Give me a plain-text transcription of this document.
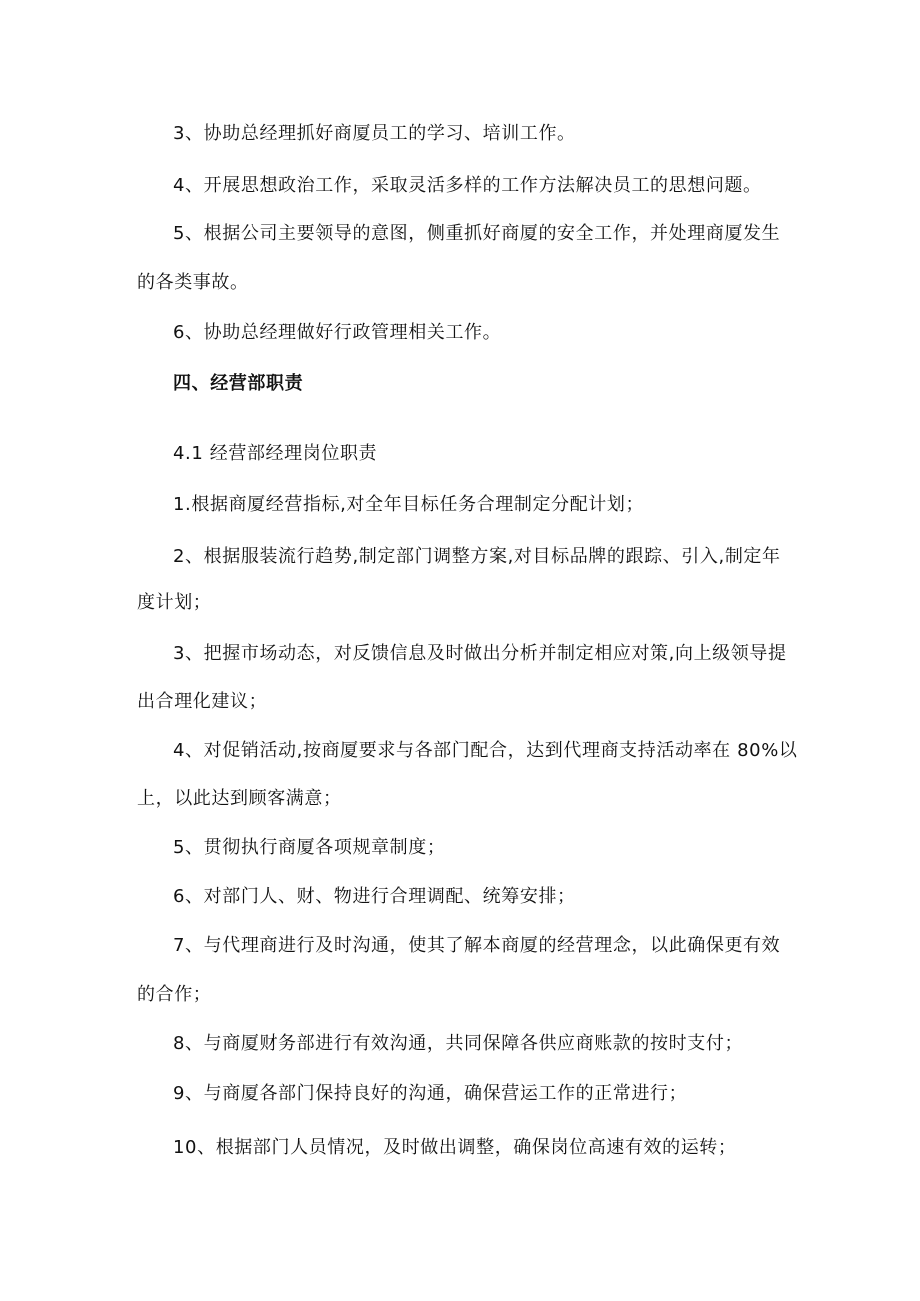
3、协助总经理抓好商厦员工的学习、培训工作。

4、开展思想政治工作，采取灵活多样的工作方法解决员工的思想问题。

5、根据公司主要领导的意图，侧重抓好商厦的安全工作，并处理商厦发生

的各类事故。

6、协助总经理做好行政管理相关工作。

四、经营部职责

4.1 经营部经理岗位职责

1.根据商厦经营指标,对全年目标任务合理制定分配计划；

2、根据服装流行趋势,制定部门调整方案,对目标品牌的跟踪、引入,制定年

度计划；

3、把握市场动态，对反馈信息及时做出分析并制定相应对策,向上级领导提

出合理化建议；

4、对促销活动,按商厦要求与各部门配合，达到代理商支持活动率在 80%以

上，以此达到顾客满意；

5、贯彻执行商厦各项规章制度；

6、对部门人、财、物进行合理调配、统筹安排；

7、与代理商进行及时沟通，使其了解本商厦的经营理念，以此确保更有效

的合作；

8、与商厦财务部进行有效沟通，共同保障各供应商账款的按时支付；

9、与商厦各部门保持良好的沟通，确保营运工作的正常进行；

10、根据部门人员情况，及时做出调整，确保岗位高速有效的运转；
